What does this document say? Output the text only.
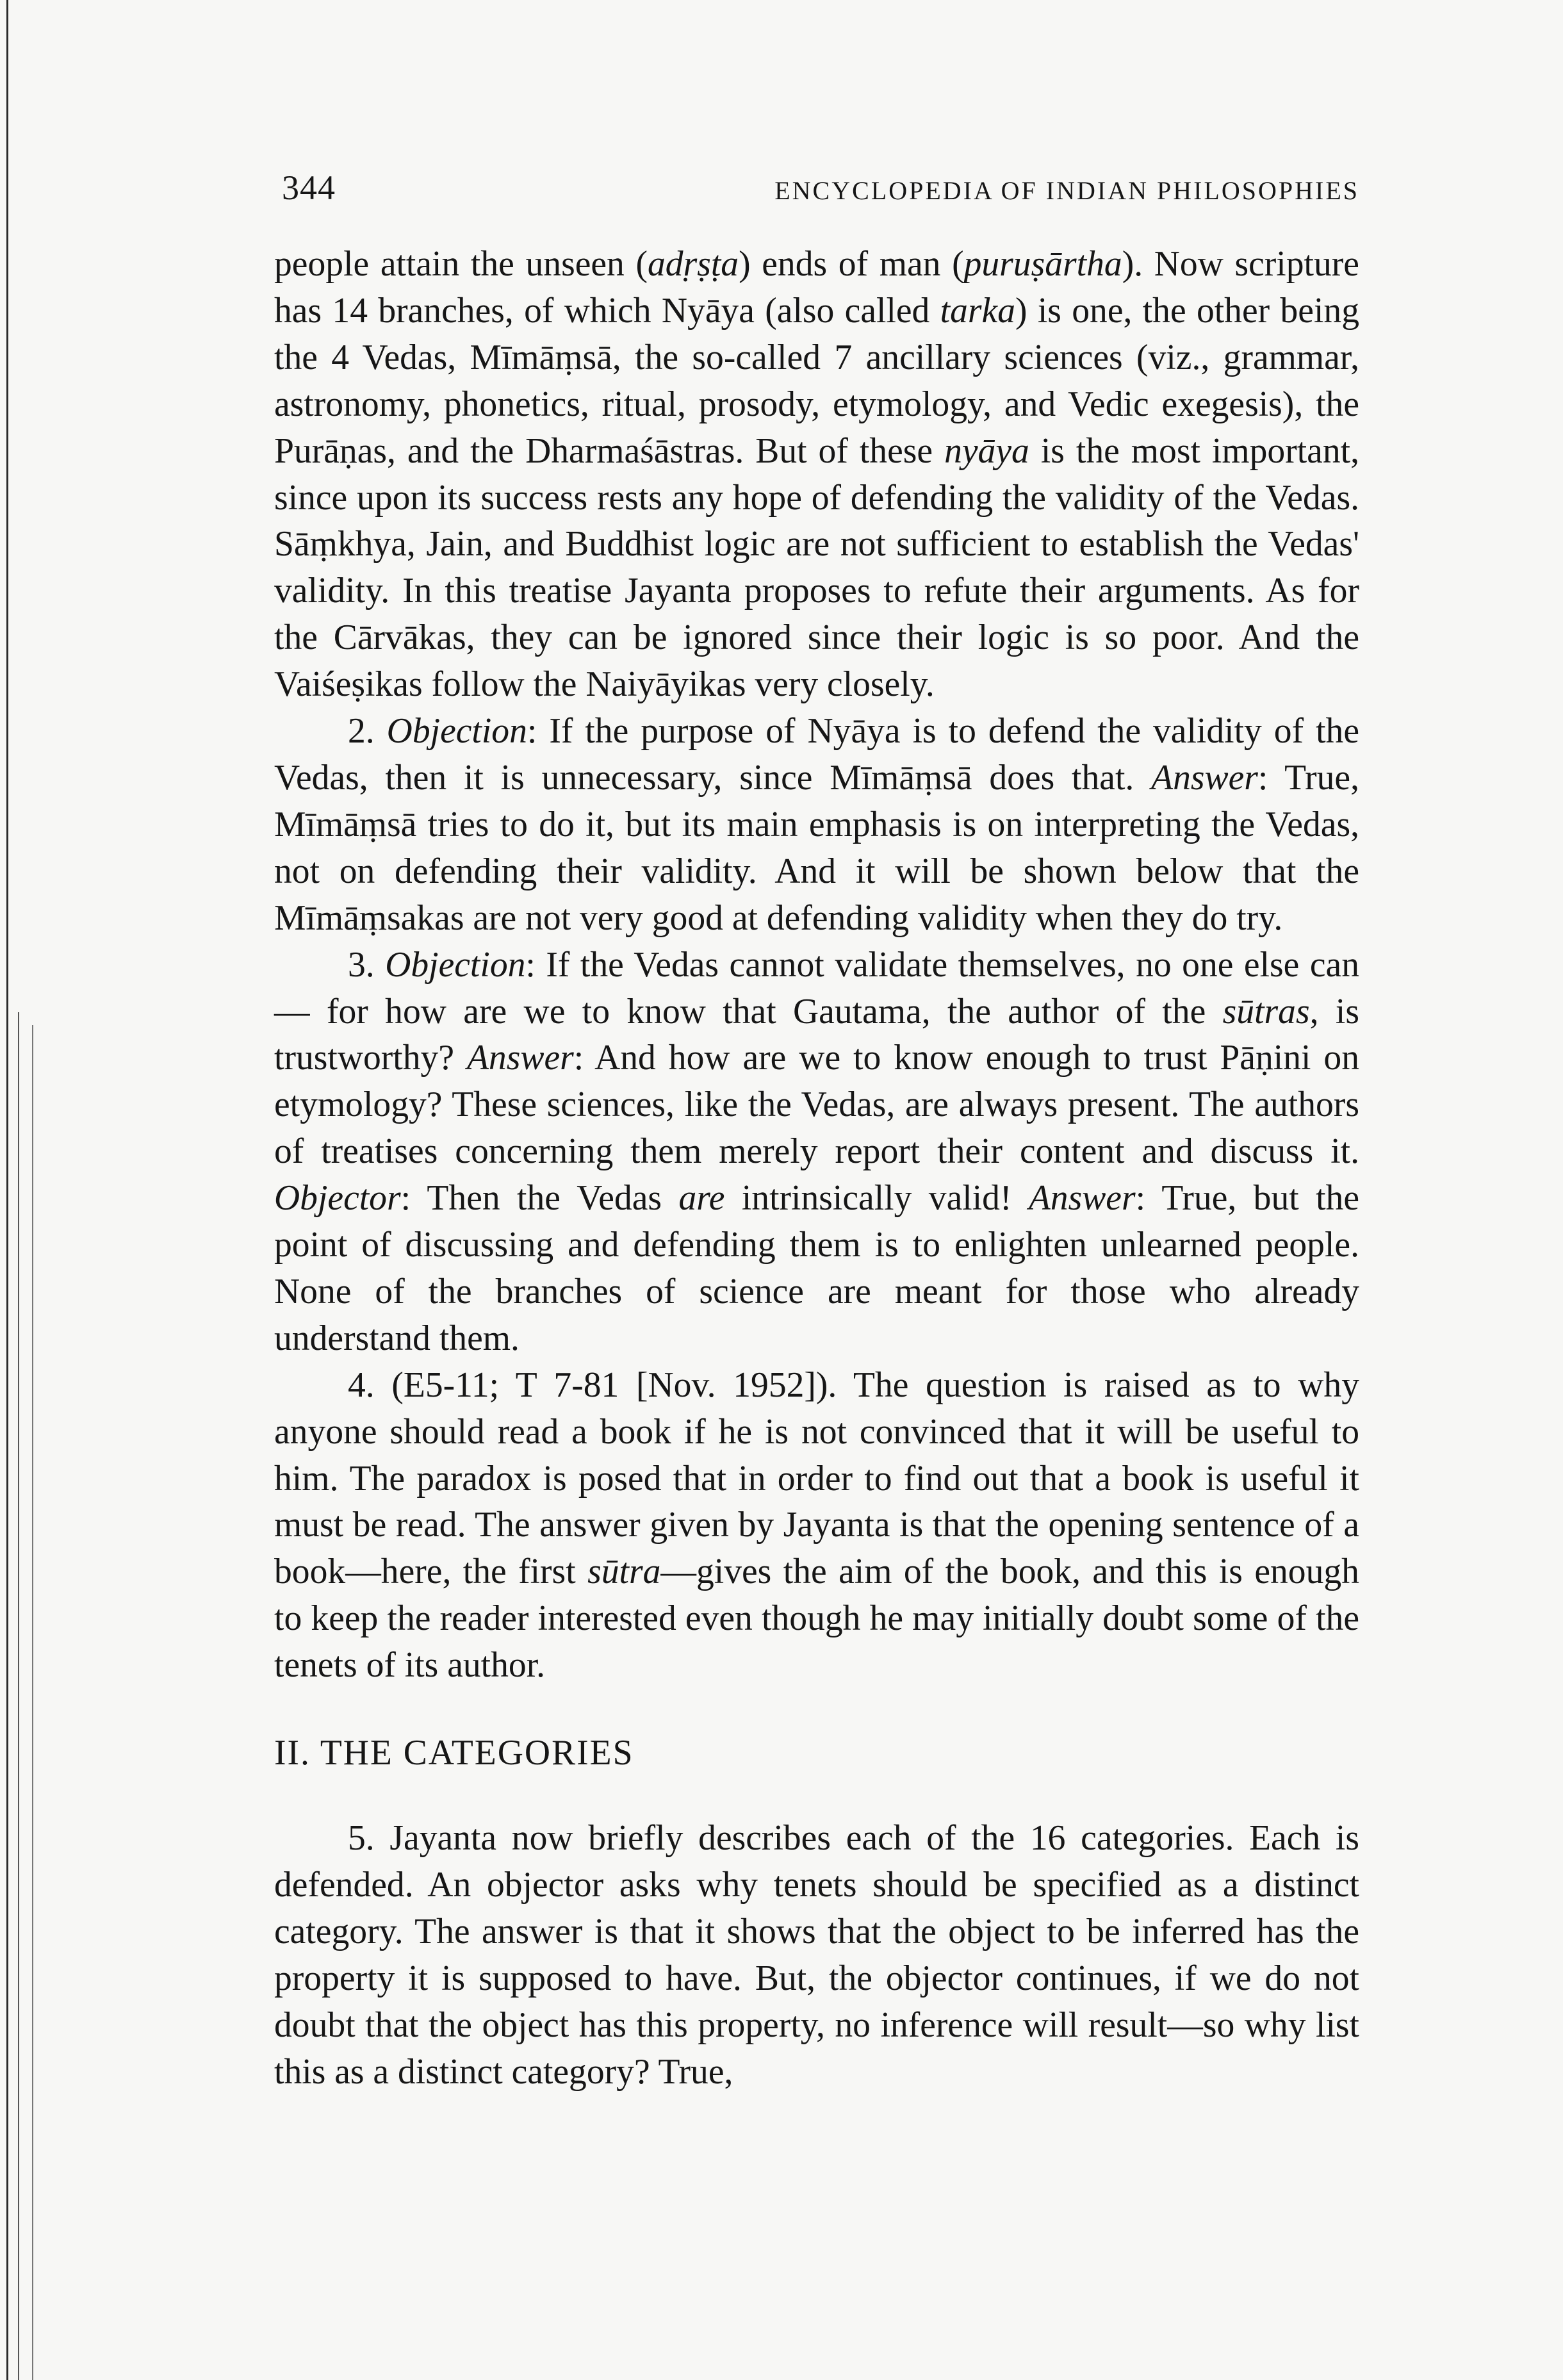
344	ENCYCLOPEDIA OF INDIAN PHILOSOPHIES

people attain the unseen (adṛṣṭa) ends of man (puruṣārtha). Now scripture has 14 branches, of which Nyāya (also called tarka) is one, the other being the 4 Vedas, Mīmāṃsā, the so-called 7 ancillary sciences (viz., grammar, astronomy, phonetics, ritual, prosody, etymology, and Vedic exegesis), the Purāṇas, and the Dharmaśāstras. But of these nyāya is the most important, since upon its success rests any hope of defending the validity of the Vedas. Sāṃkhya, Jain, and Buddhist logic are not sufficient to establish the Vedas' validity. In this treatise Jayanta proposes to refute their arguments. As for the Cārvākas, they can be ignored since their logic is so poor. And the Vaiśeṣikas follow the Naiyāyikas very closely.

2. Objection: If the purpose of Nyāya is to defend the validity of the Vedas, then it is unnecessary, since Mīmāṃsā does that. Answer: True, Mīmāṃsā tries to do it, but its main emphasis is on interpreting the Vedas, not on defending their validity. And it will be shown below that the Mīmāṃsakas are not very good at defending validity when they do try.

3. Objection: If the Vedas cannot validate themselves, no one else can— for how are we to know that Gautama, the author of the sūtras, is trustworthy? Answer: And how are we to know enough to trust Pāṇini on etymology? These sciences, like the Vedas, are always present. The authors of treatises concerning them merely report their content and discuss it. Objector: Then the Vedas are intrinsically valid! Answer: True, but the point of discussing and defending them is to enlighten unlearned people. None of the branches of science are meant for those who already understand them.

4. (E5-11; T 7-81 [Nov. 1952]). The question is raised as to why anyone should read a book if he is not convinced that it will be useful to him. The paradox is posed that in order to find out that a book is useful it must be read. The answer given by Jayanta is that the opening sentence of a book—here, the first sūtra—gives the aim of the book, and this is enough to keep the reader interested even though he may initially doubt some of the tenets of its author.

II. THE CATEGORIES

5. Jayanta now briefly describes each of the 16 categories. Each is defended. An objector asks why tenets should be specified as a distinct category. The answer is that it shows that the object to be inferred has the property it is supposed to have. But, the objector continues, if we do not doubt that the object has this property, no inference will result—so why list this as a distinct category? True,
